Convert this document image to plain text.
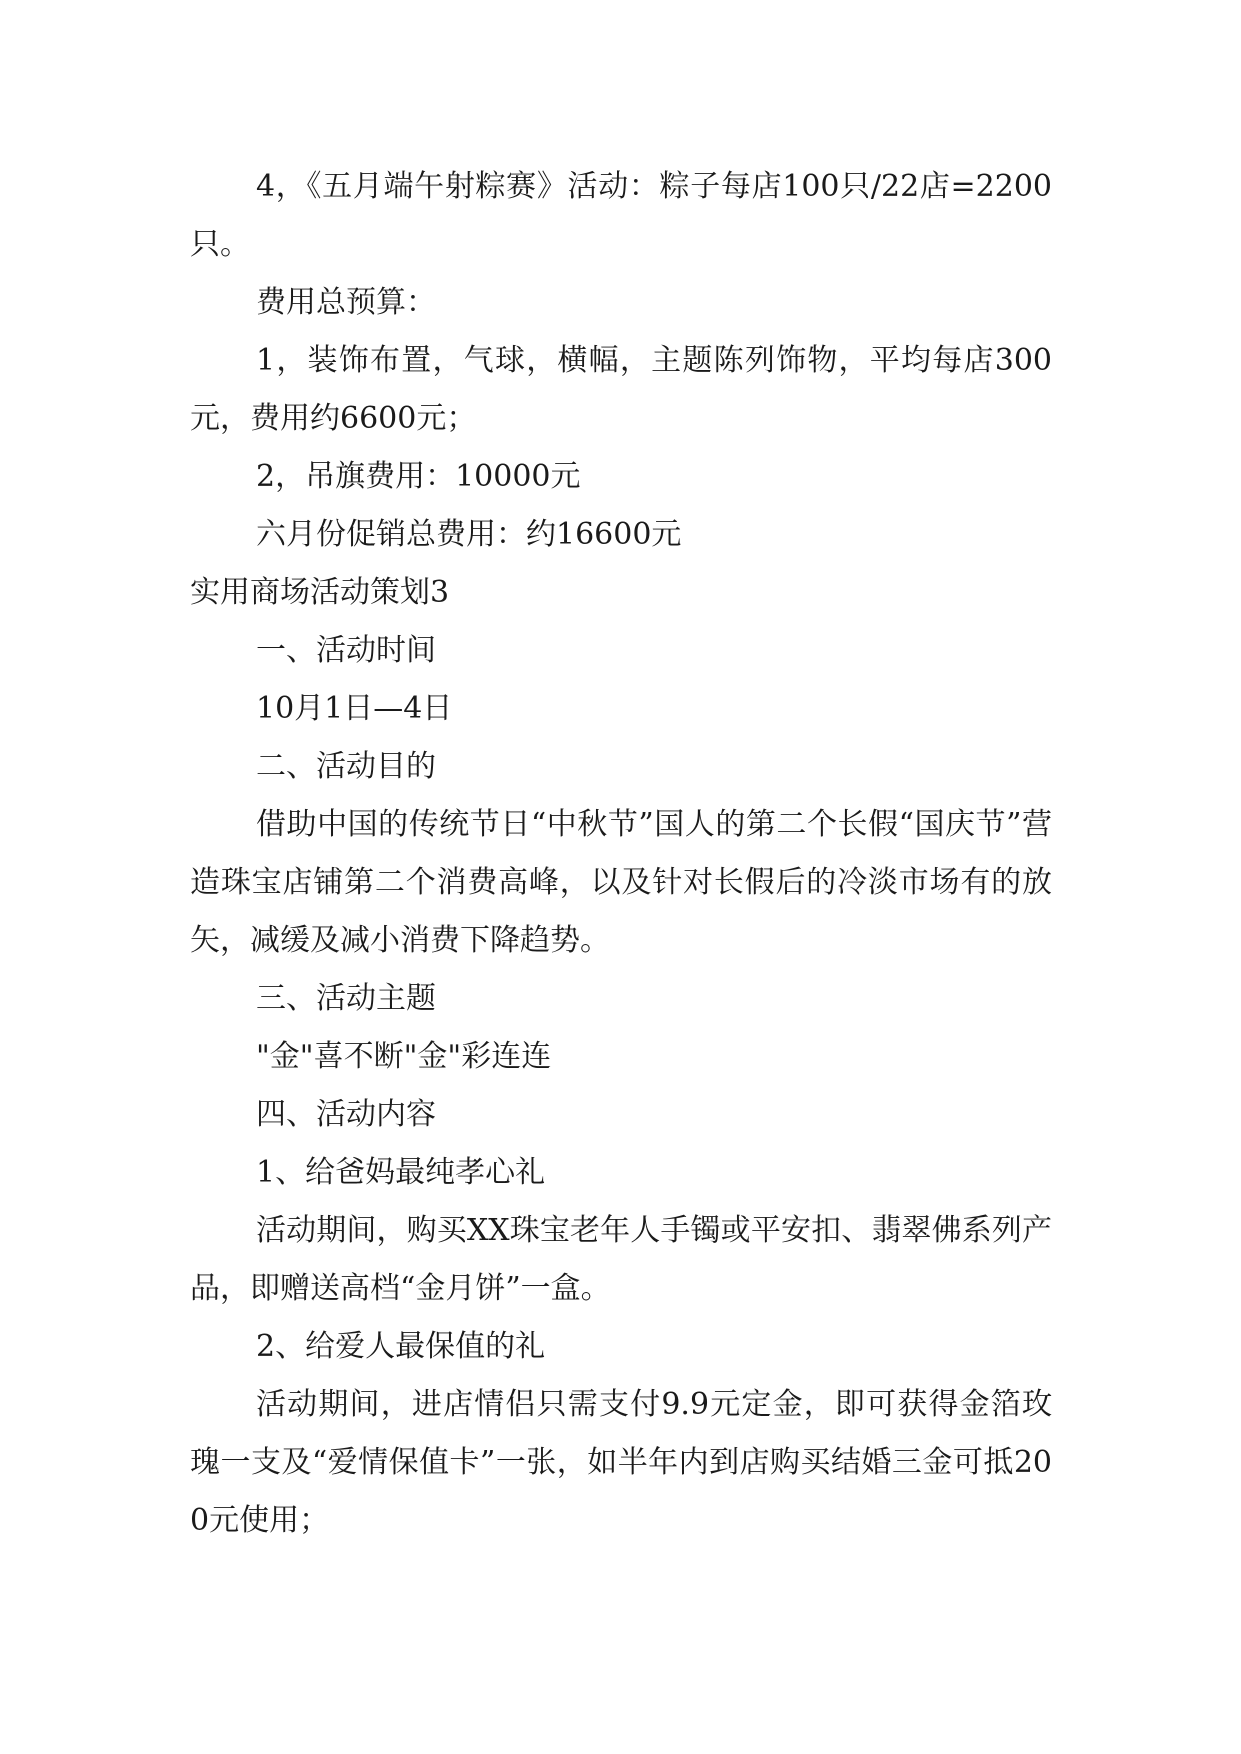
4，《五月端午射粽赛》活动：粽子每店100只/22店=2200只。

费用总预算：

1，装饰布置，气球，横幅，主题陈列饰物，平均每店300元，费用约6600元；

2，吊旗费用：10000元

六月份促销总费用：约16600元

实用商场活动策划3

一、活动时间

10月1日—4日

二、活动目的

借助中国的传统节日“中秋节”国人的第二个长假“国庆节”营造珠宝店铺第二个消费高峰，以及针对长假后的冷淡市场有的放矢，减缓及减小消费下降趋势。

三、活动主题

"金"喜不断"金"彩连连

四、活动内容

1、给爸妈最纯孝心礼

活动期间，购买XX珠宝老年人手镯或平安扣、翡翠佛系列产品，即赠送高档“金月饼”一盒。

2、给爱人最保值的礼

活动期间，进店情侣只需支付9.9元定金，即可获得金箔玫瑰一支及“爱情保值卡”一张，如半年内到店购买结婚三金可抵200元使用；
